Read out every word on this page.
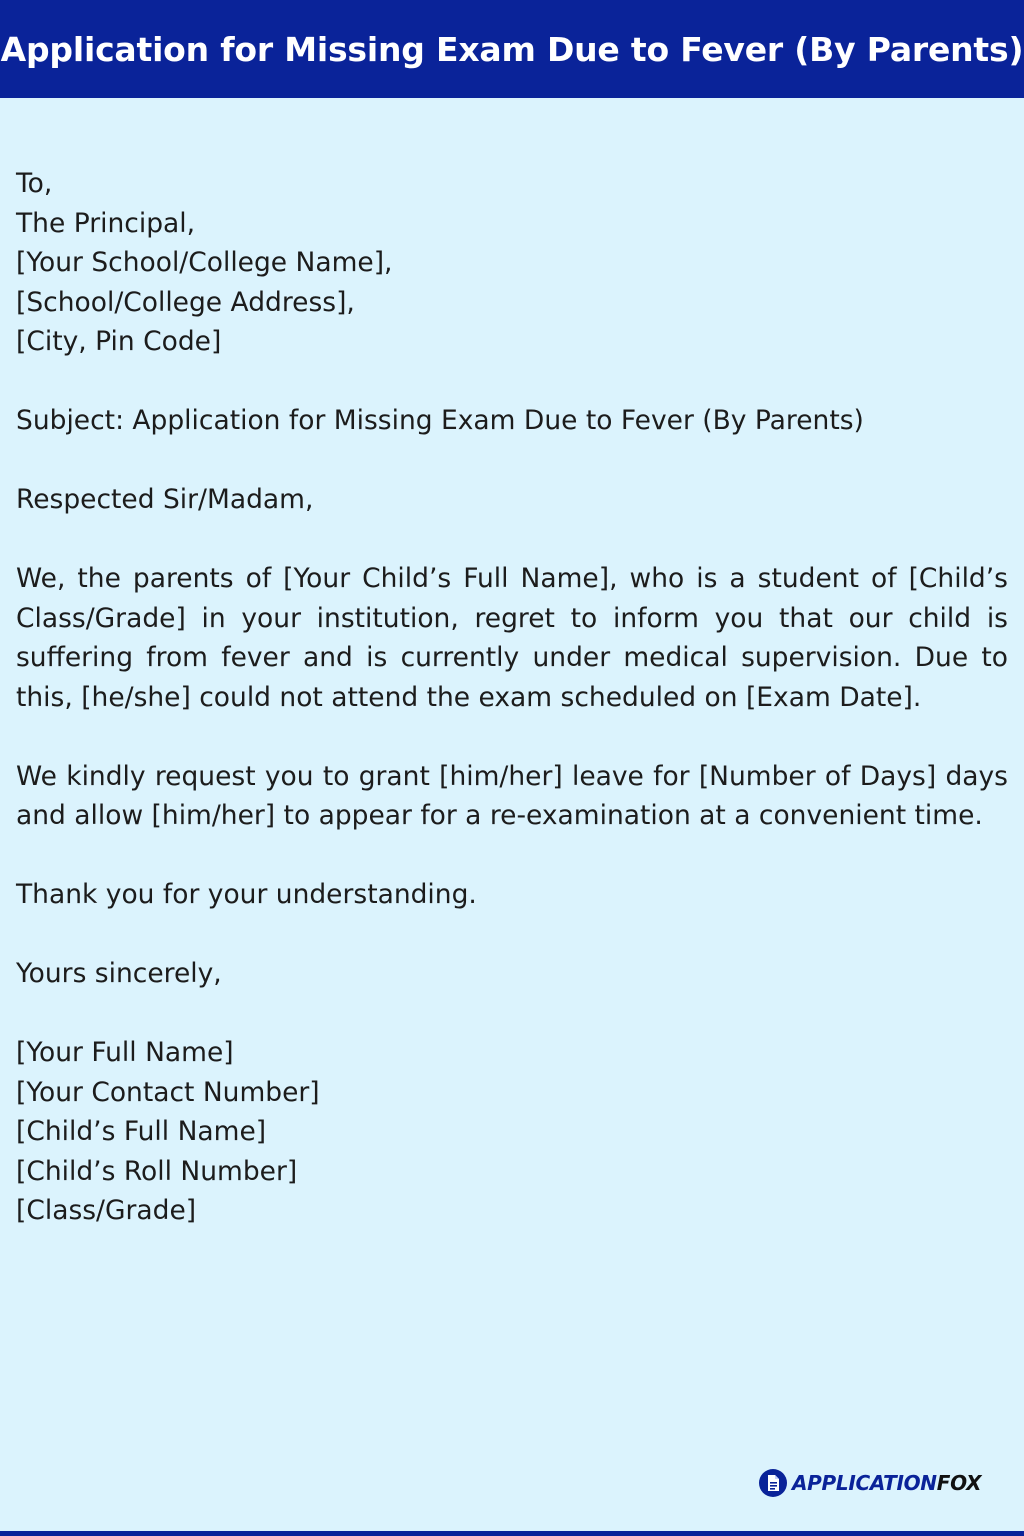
Application for Missing Exam Due to Fever (By Parents)
To,
The Principal,
[Your School/College Name],
[School/College Address],
[City, Pin Code]
Subject: Application for Missing Exam Due to Fever (By Parents)
Respected Sir/Madam,
We, the parents of [Your Child’s Full Name], who is a student of [Child’s Class/Grade] in your institution, regret to inform you that our child is suffering from fever and is currently under medical supervision. Due to this, [he/she] could not attend the exam scheduled on [Exam Date].
We kindly request you to grant [him/her] leave for [Number of Days] days and allow [him/her] to appear for a re-examination at a convenient time.
Thank you for your understanding.
Yours sincerely,
[Your Full Name]
[Your Contact Number]
[Child’s Full Name]
[Child’s Roll Number]
[Class/Grade]
APPLICATIONFOX
